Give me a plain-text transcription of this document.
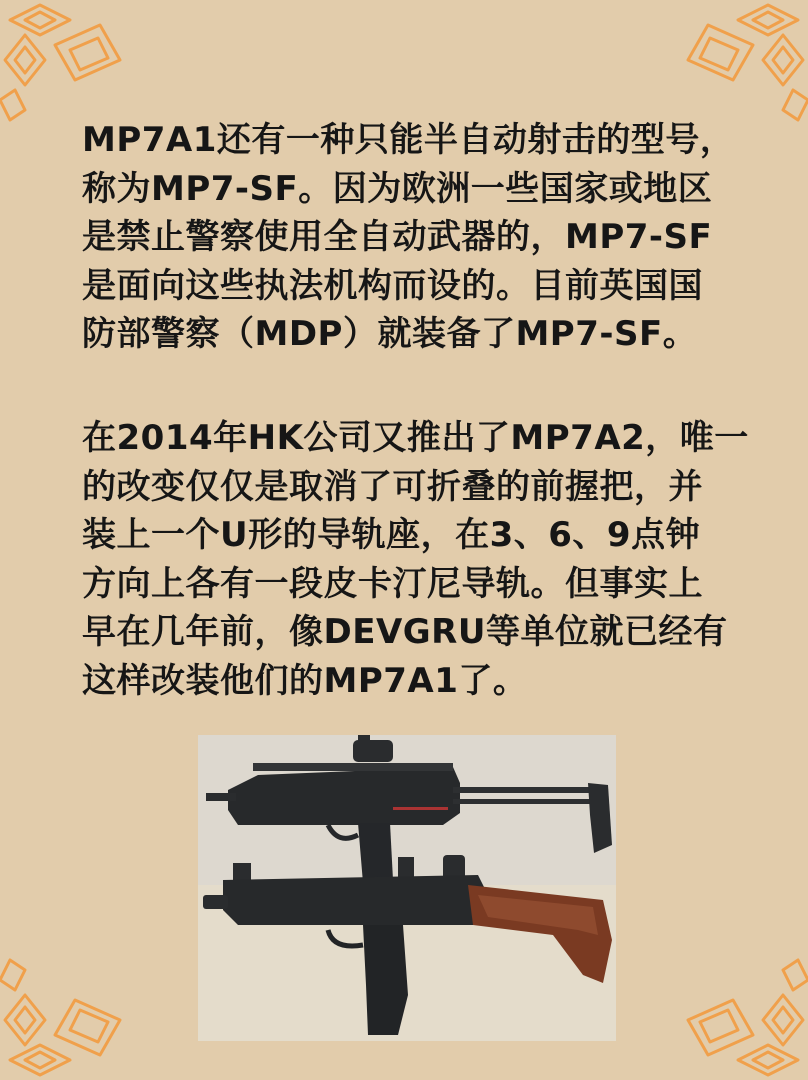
MP7A1还有一种只能半自动射击的型号，
称为MP7-SF。因为欧洲一些国家或地区
是禁止警察使用全自动武器的，MP7-SF
是面向这些执法机构而设的。目前英国国
防部警察（MDP）就装备了MP7-SF。
在2014年HK公司又推出了MP7A2，唯一
的改变仅仅是取消了可折叠的前握把，并
装上一个U形的导轨座，在3、6、9点钟
方向上各有一段皮卡汀尼导轨。但事实上
早在几年前，像DEVGRU等单位就已经有
这样改装他们的MP7A1了。
